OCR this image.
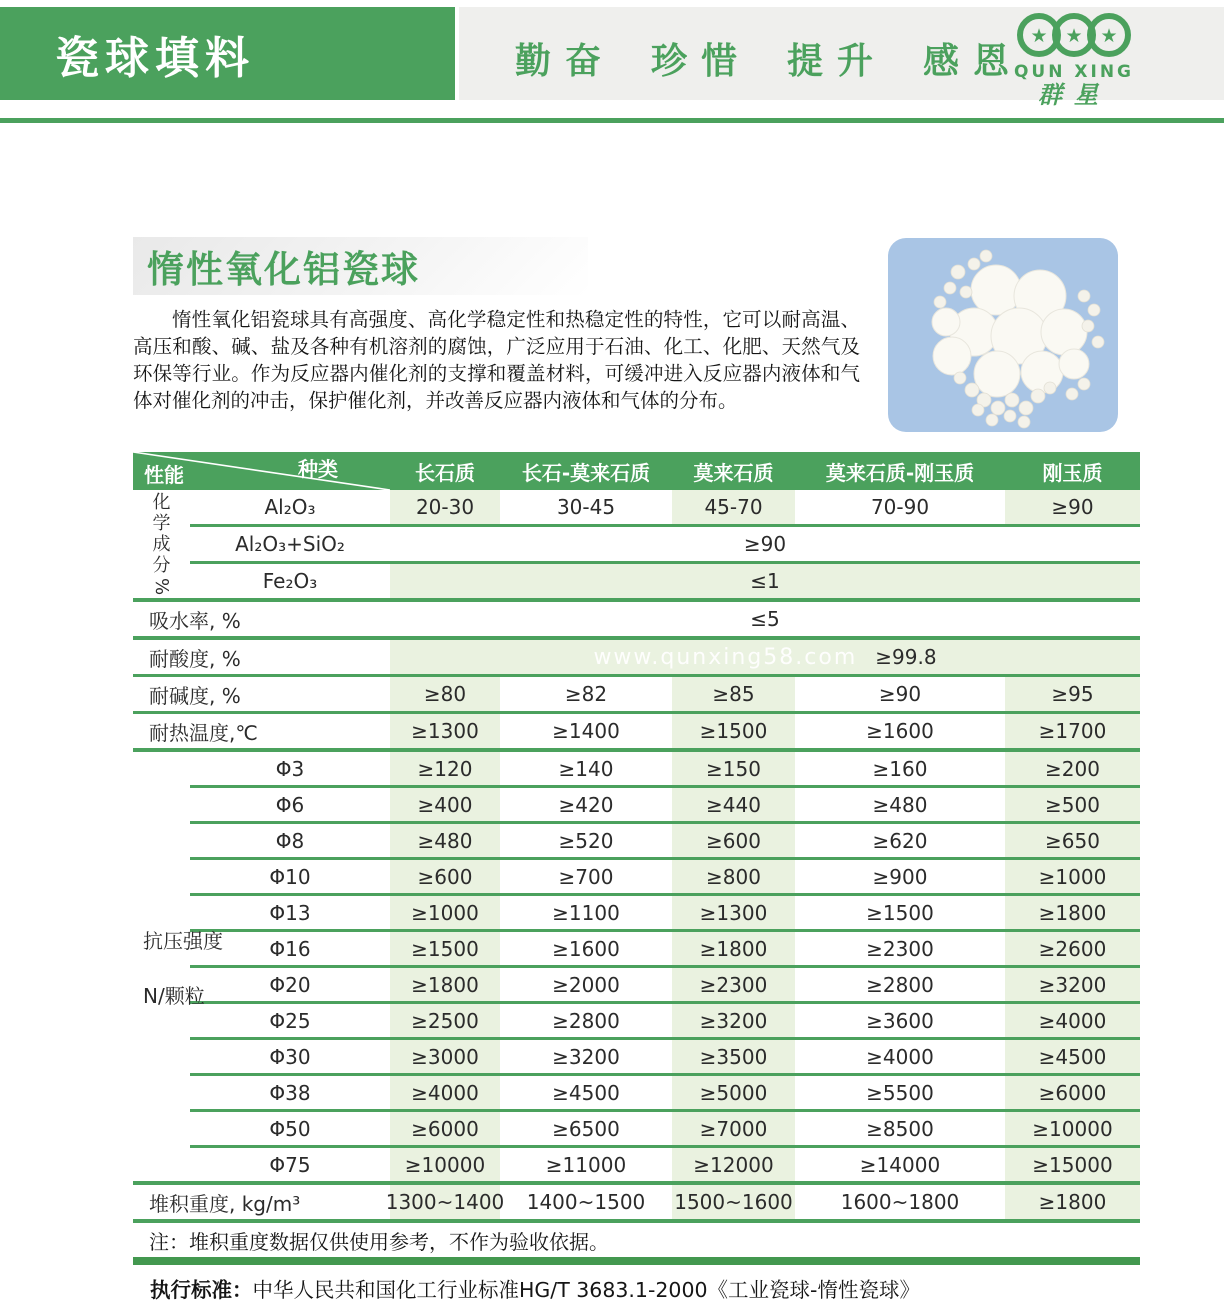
瓷球填料	勤奋 珍惜 提升 感恩
★ ★ ★
QUN XING
群星
惰性氧化铝瓷球

惰性氧化铝瓷球具有高强度、高化学稳定性和热稳定性的特性，它可以耐高温、高压和酸、碱、盐及各种有机溶剂的腐蚀，广泛应用于石油、化工、化肥、天然气及环保等行业。作为反应器内催化剂的支撑和覆盖材料，可缓冲进入反应器内液体和气体对催化剂的冲击，保护催化剂，并改善反应器内液体和气体的分布。

种类
性能	长石质	长石-莫来石质	莫来石质	莫来石质-刚玉质	刚玉质
化
学
成
分
%
Al₂O₃	20-30	30-45	45-70	70-90	≥90
Al₂O₃+SiO₂	≥90
Fe₂O₃	≤1
吸水率, %	≤5
耐酸度, %	www.qunxing58.com ≥99.8
耐碱度, %	≥80	≥82	≥85	≥90	≥95
耐热温度,℃	≥1300	≥1400	≥1500	≥1600	≥1700
抗压强度
N/颗粒
Φ3	≥120	≥140	≥150	≥160	≥200
Φ6	≥400	≥420	≥440	≥480	≥500
Φ8	≥480	≥520	≥600	≥620	≥650
Φ10	≥600	≥700	≥800	≥900	≥1000
Φ13	≥1000	≥1100	≥1300	≥1500	≥1800
Φ16	≥1500	≥1600	≥1800	≥2300	≥2600
Φ20	≥1800	≥2000	≥2300	≥2800	≥3200
Φ25	≥2500	≥2800	≥3200	≥3600	≥4000
Φ30	≥3000	≥3200	≥3500	≥4000	≥4500
Φ38	≥4000	≥4500	≥5000	≥5500	≥6000
Φ50	≥6000	≥6500	≥7000	≥8500	≥10000
Φ75	≥10000	≥11000	≥12000	≥14000	≥15000
堆积重度, kg/m³	1300~1400	1400~1500	1500~1600	1600~1800	≥1800
注：堆积重度数据仅供使用参考，不作为验收依据。
执行标准：中华人民共和国化工行业标准HG/T 3683.1-2000《工业瓷球-惰性瓷球》
